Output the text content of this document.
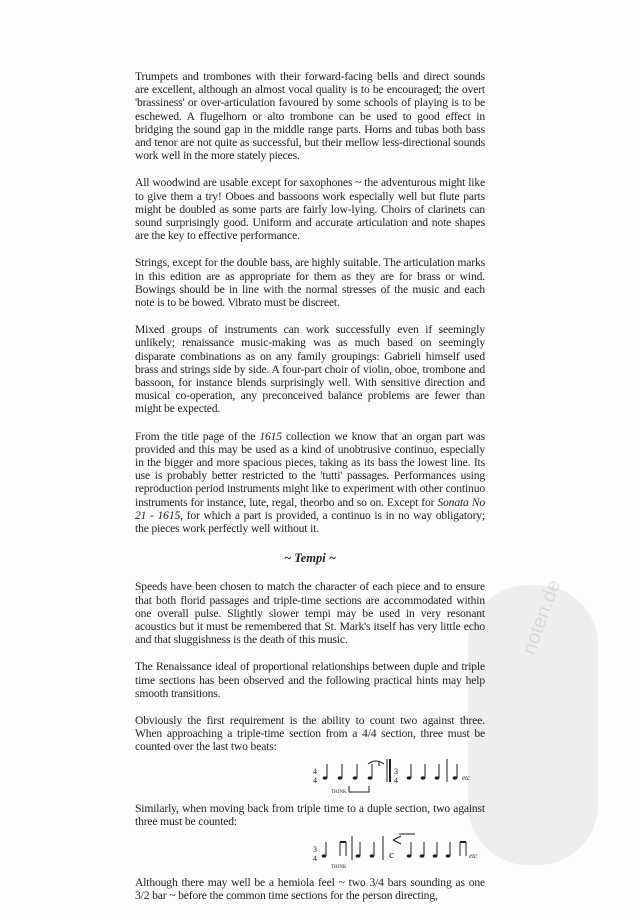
noten.de

Trumpets and trombones with their forward-facing bells and direct sounds are excellent, although an almost vocal quality is to be encouraged; the overt 'brassiness' or over-articulation favoured by some schools of playing is to be eschewed. A flugelhorn or alto trombone can be used to good effect in bridging the sound gap in the middle range parts. Horns and tubas both bass and tenor are not quite as successful, but their mellow less-directional sounds work well in the more stately pieces.

All woodwind are usable except for saxophones ~ the adventurous might like to give them a try! Oboes and bassoons work especially well but flute parts might be doubled as some parts are fairly low-lying. Choirs of clarinets can sound surprisingly good. Uniform and accurate articulation and note shapes are the key to effective performance.

Strings, except for the double bass, are highly suitable. The articulation marks in this edition are as appropriate for them as they are for brass or wind. Bowings should be in line with the normal stresses of the music and each note is to be bowed. Vibrato must be discreet.

Mixed groups of instruments can work successfully even if seemingly unlikely; renaissance music-making was as much based on seemingly disparate combinations as on any family groupings: Gabrieli himself used brass and strings side by side. A four-part choir of violin, oboe, trombone and bassoon, for instance blends surprisingly well. With sensitive direction and musical co-operation, any preconceived balance problems are fewer than might be expected.

From the title page of the 1615 collection we know that an organ part was provided and this may be used as a kind of unobtrusive continuo, especially in the bigger and more spacious pieces, taking as its bass the lowest line. Its use is probably better restricted to the 'tutti' passages. Performances using reproduction period instruments might like to experiment with other continuo instruments for instance, lute, regal, theorbo and so on. Except for Sonata No 21 - 1615, for which a part is provided, a continuo is in no way obligatory; the pieces work perfectly well without it.

~ Tempi ~

Speeds have been chosen to match the character of each piece and to ensure that both florid passages and triple-time sections are accommodated within one overall pulse. Slightly slower tempi may be used in very resonant acoustics but it must be remembered that St. Mark's itself has very little echo and that sluggishness is the death of this music.

The Renaissance ideal of proportional relationships between duple and triple time sections has been observed and the following practical hints may help smooth transitions.

Obviously the first requirement is the ability to count two against three. When approaching a triple-time section from a 4/4 section, three must be counted over the last two beats:

4
4
3
4
THINK
etc

Similarly, when moving back from triple time to a duple section, two against three must be counted:

3
4	c
THINK
etc

Although there may well be a hemiola feel ~ two 3/4 bars sounding as one 3/2 bar ~ before the common time sections for the person directing,
